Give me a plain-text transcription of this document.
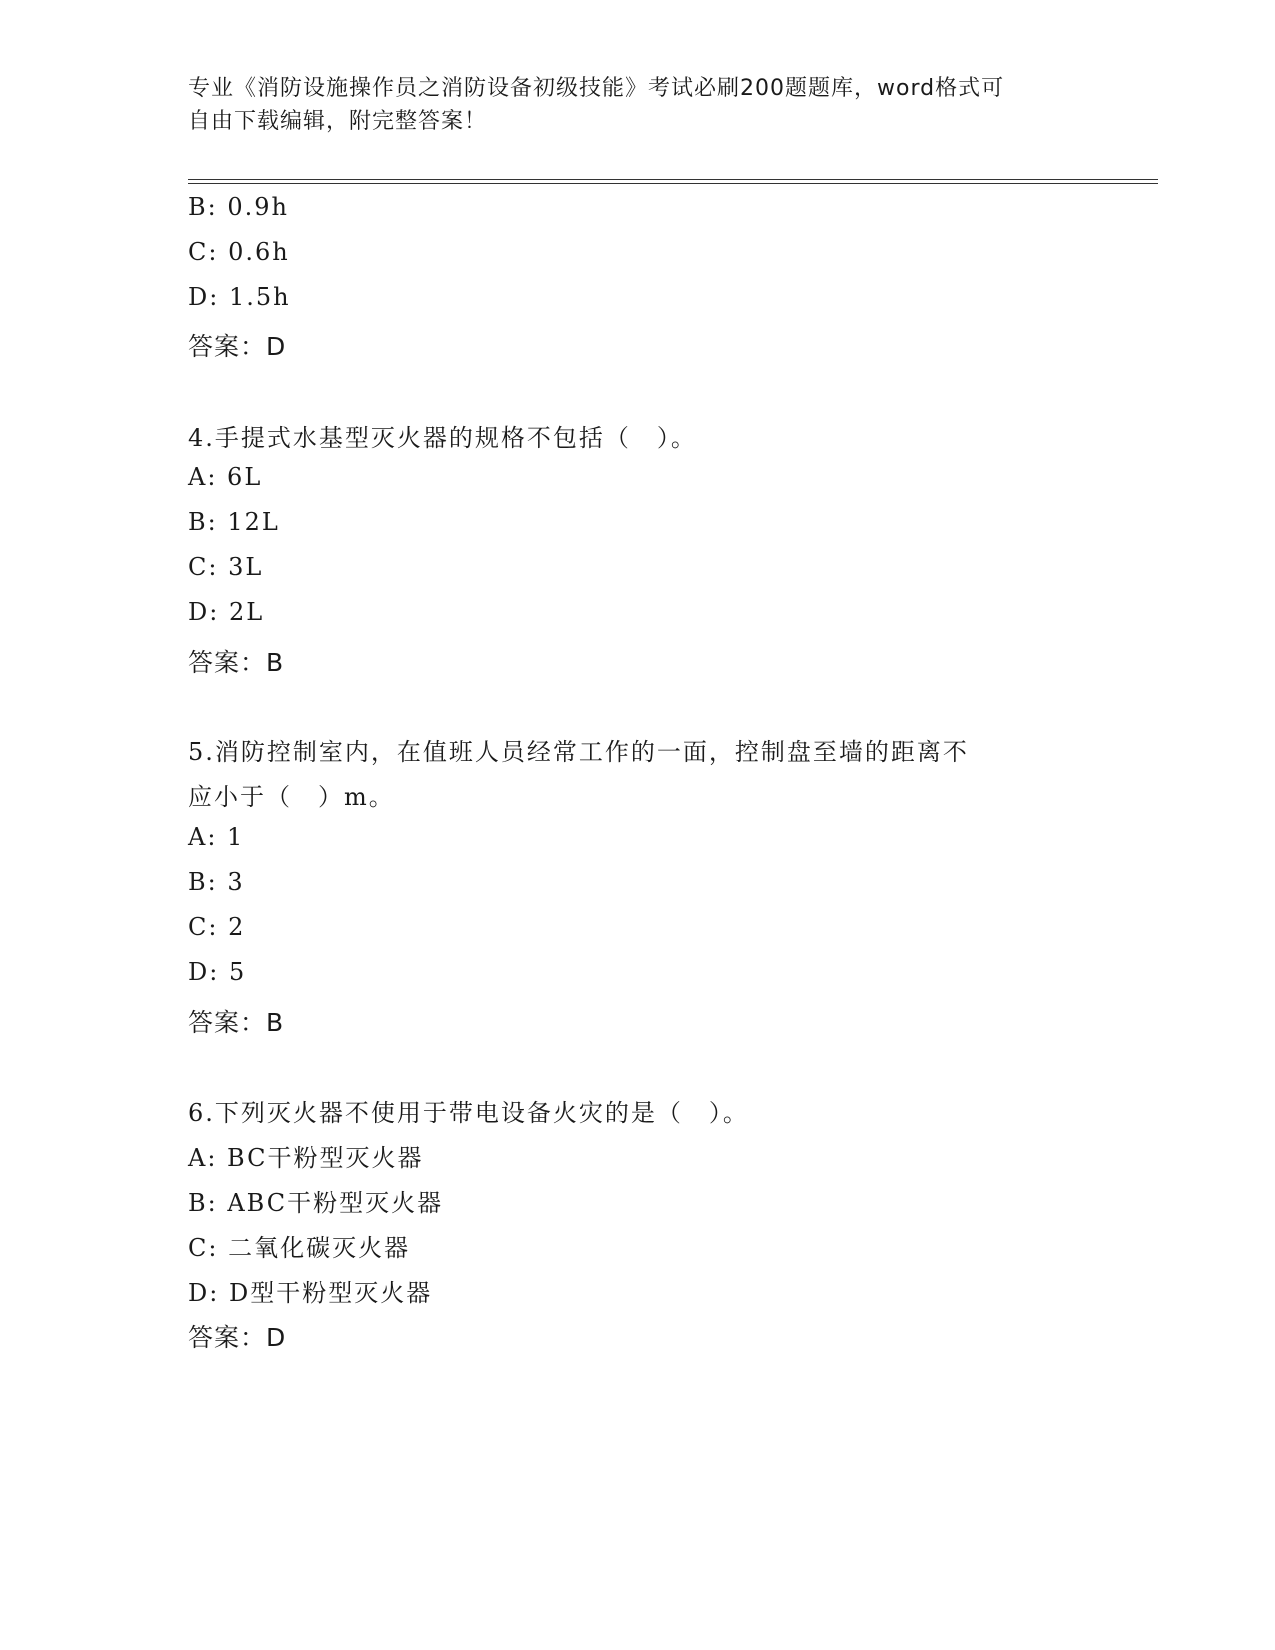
专业《消防设施操作员之消防设备初级技能》考试必刷200题题库，word格式可
自由下载编辑，附完整答案！
B: 0.9h
C: 0.6h
D: 1.5h
答案：D
4.手提式水基型灭火器的规格不包括（　）。
A: 6L
B: 12L
C: 3L
D: 2L
答案：B
5.消防控制室内，在值班人员经常工作的一面，控制盘至墙的距离不
应小于（　）m。
A: 1
B: 3
C: 2
D: 5
答案：B
6.下列灭火器不使用于带电设备火灾的是（　）。
A: BC干粉型灭火器
B: ABC干粉型灭火器
C: 二氧化碳灭火器
D: D型干粉型灭火器
答案：D
